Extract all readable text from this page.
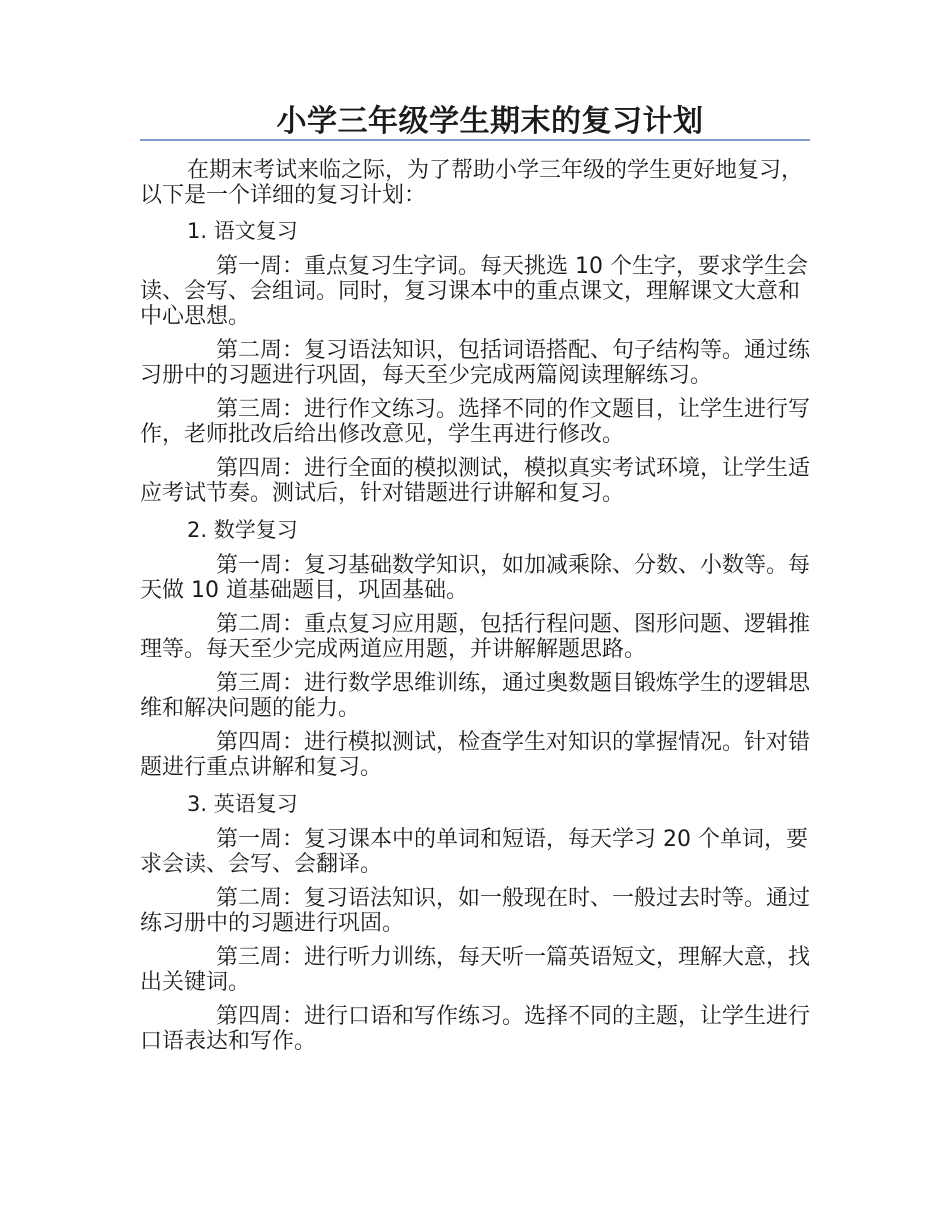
小学三年级学生期末的复习计划

在期末考试来临之际，为了帮助小学三年级的学生更好地复习，以下是一个详细的复习计划：

1. 语文复习

第一周：重点复习生字词。每天挑选 10 个生字，要求学生会读、会写、会组词。同时，复习课本中的重点课文，理解课文大意和中心思想。

第二周：复习语法知识，包括词语搭配、句子结构等。通过练习册中的习题进行巩固，每天至少完成两篇阅读理解练习。

第三周：进行作文练习。选择不同的作文题目，让学生进行写作，老师批改后给出修改意见，学生再进行修改。

第四周：进行全面的模拟测试，模拟真实考试环境，让学生适应考试节奏。测试后，针对错题进行讲解和复习。

2. 数学复习

第一周：复习基础数学知识，如加减乘除、分数、小数等。每天做 10 道基础题目，巩固基础。

第二周：重点复习应用题，包括行程问题、图形问题、逻辑推理等。每天至少完成两道应用题，并讲解解题思路。

第三周：进行数学思维训练，通过奥数题目锻炼学生的逻辑思维和解决问题的能力。

第四周：进行模拟测试，检查学生对知识的掌握情况。针对错题进行重点讲解和复习。

3. 英语复习

第一周：复习课本中的单词和短语，每天学习 20 个单词，要求会读、会写、会翻译。

第二周：复习语法知识，如一般现在时、一般过去时等。通过练习册中的习题进行巩固。

第三周：进行听力训练，每天听一篇英语短文，理解大意，找出关键词。

第四周：进行口语和写作练习。选择不同的主题，让学生进行口语表达和写作。
